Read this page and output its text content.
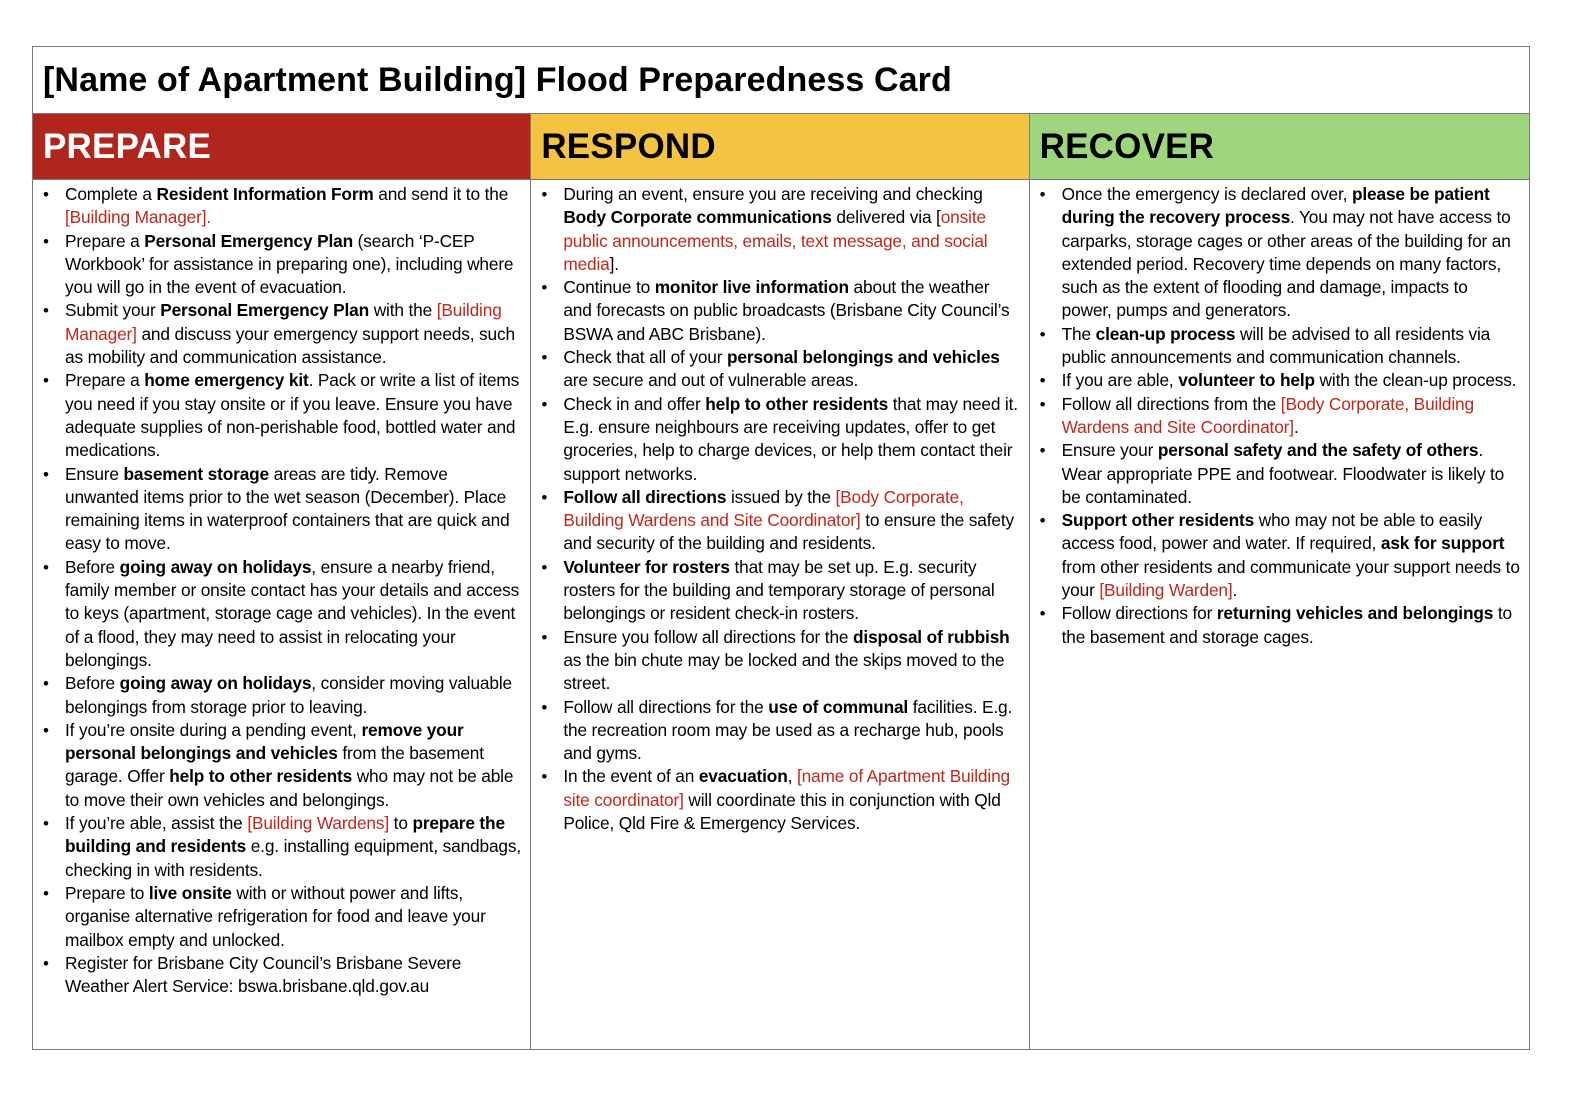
[Name of Apartment Building] Flood Preparedness Card
PREPARE
• Complete a Resident Information Form and send it to the [Building Manager].
• Prepare a Personal Emergency Plan (search ‘P-CEP Workbook’ for assistance in preparing one), including where you will go in the event of evacuation.
• Submit your Personal Emergency Plan with the [Building Manager] and discuss your emergency support needs, such as mobility and communication assistance.
• Prepare a home emergency kit. Pack or write a list of items you need if you stay onsite or if you leave. Ensure you have adequate supplies of non-perishable food, bottled water and medications.
• Ensure basement storage areas are tidy. Remove unwanted items prior to the wet season (December). Place remaining items in waterproof containers that are quick and easy to move.
• Before going away on holidays, ensure a nearby friend, family member or onsite contact has your details and access to keys (apartment, storage cage and vehicles). In the event of a flood, they may need to assist in relocating your belongings.
• Before going away on holidays, consider moving valuable belongings from storage prior to leaving.
• If you’re onsite during a pending event, remove your personal belongings and vehicles from the basement garage. Offer help to other residents who may not be able to move their own vehicles and belongings.
• If you’re able, assist the [Building Wardens] to prepare the building and residents e.g. installing equipment, sandbags, checking in with residents.
• Prepare to live onsite with or without power and lifts, organise alternative refrigeration for food and leave your mailbox empty and unlocked.
• Register for Brisbane City Council’s Brisbane Severe Weather Alert Service: bswa.brisbane.qld.gov.au
RESPOND
• During an event, ensure you are receiving and checking Body Corporate communications delivered via [onsite public announcements, emails, text message, and social media].
• Continue to monitor live information about the weather and forecasts on public broadcasts (Brisbane City Council’s BSWA and ABC Brisbane).
• Check that all of your personal belongings and vehicles are secure and out of vulnerable areas.
• Check in and offer help to other residents that may need it. E.g. ensure neighbours are receiving updates, offer to get groceries, help to charge devices, or help them contact their support networks.
• Follow all directions issued by the [Body Corporate, Building Wardens and Site Coordinator] to ensure the safety and security of the building and residents.
• Volunteer for rosters that may be set up. E.g. security rosters for the building and temporary storage of personal belongings or resident check-in rosters.
• Ensure you follow all directions for the disposal of rubbish as the bin chute may be locked and the skips moved to the street.
• Follow all directions for the use of communal facilities. E.g. the recreation room may be used as a recharge hub, pools and gyms.
• In the event of an evacuation, [name of Apartment Building site coordinator] will coordinate this in conjunction with Qld Police, Qld Fire & Emergency Services.
RECOVER
• Once the emergency is declared over, please be patient during the recovery process. You may not have access to carparks, storage cages or other areas of the building for an extended period. Recovery time depends on many factors, such as the extent of flooding and damage, impacts to power, pumps and generators.
• The clean-up process will be advised to all residents via public announcements and communication channels.
• If you are able, volunteer to help with the clean-up process.
• Follow all directions from the [Body Corporate, Building Wardens and Site Coordinator].
• Ensure your personal safety and the safety of others. Wear appropriate PPE and footwear. Floodwater is likely to be contaminated.
• Support other residents who may not be able to easily access food, power and water. If required, ask for support from other residents and communicate your support needs to your [Building Warden].
• Follow directions for returning vehicles and belongings to the basement and storage cages.
